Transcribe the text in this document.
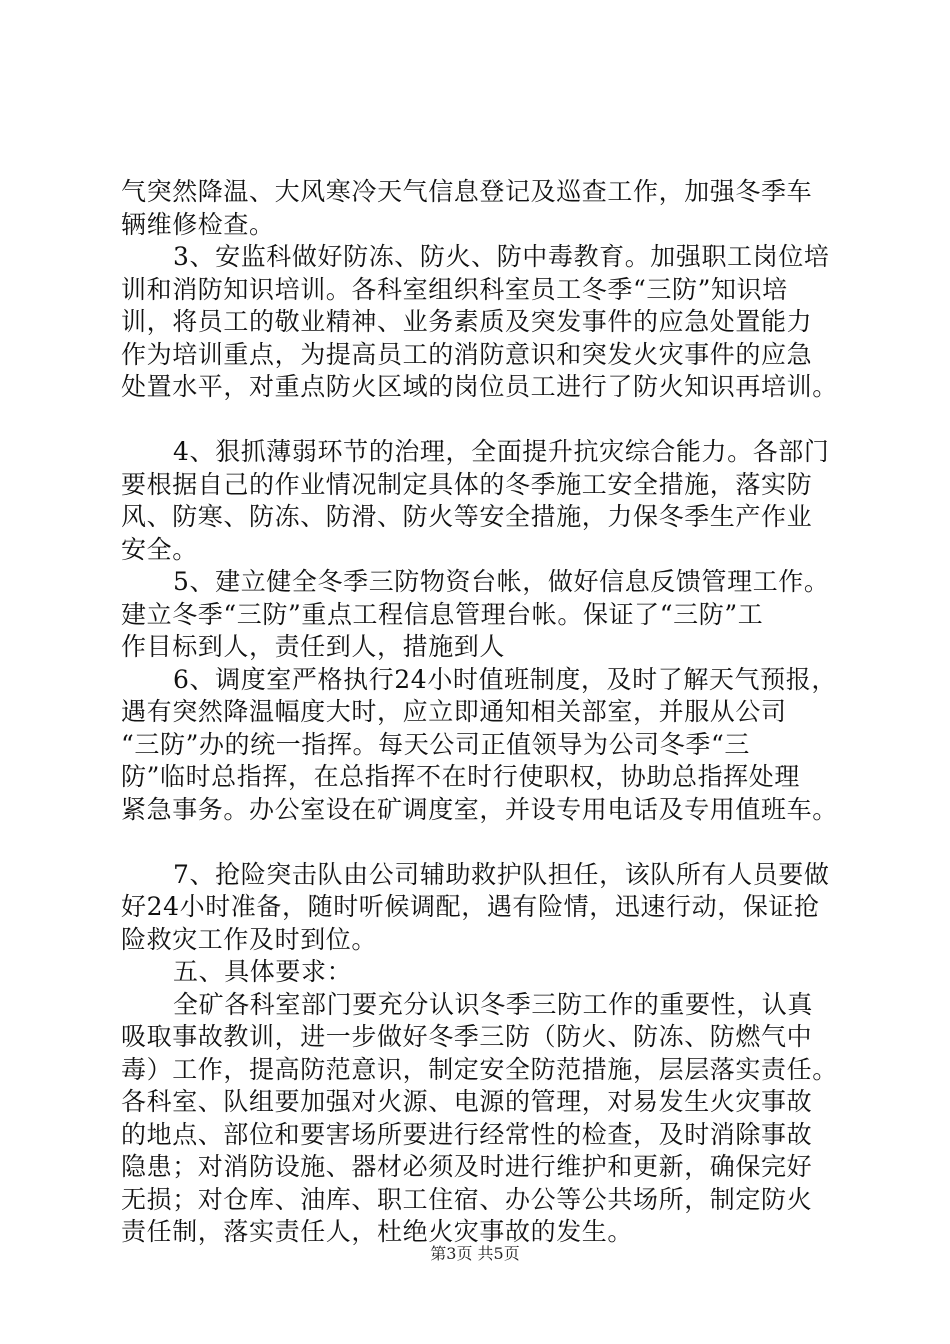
气突然降温、大风寒冷天气信息登记及巡查工作，加强冬季车
辆维修检查。
3、安监科做好防冻、防火、防中毒教育。加强职工岗位培
训和消防知识培训。各科室组织科室员工冬季“三防”知识培
训，将员工的敬业精神、业务素质及突发事件的应急处置能力
作为培训重点，为提高员工的消防意识和突发火灾事件的应急
处置水平，对重点防火区域的岗位员工进行了防火知识再培训。
4、狠抓薄弱环节的治理，全面提升抗灾综合能力。各部门
要根据自己的作业情况制定具体的冬季施工安全措施，落实防
风、防寒、防冻、防滑、防火等安全措施，力保冬季生产作业
安全。
5、建立健全冬季三防物资台帐，做好信息反馈管理工作。
建立冬季“三防”重点工程信息管理台帐。保证了“三防”工
作目标到人，责任到人，措施到人
6、调度室严格执行24小时值班制度，及时了解天气预报，
遇有突然降温幅度大时，应立即通知相关部室，并服从公司
“三防”办的统一指挥。每天公司正值领导为公司冬季“三
防”临时总指挥，在总指挥不在时行使职权，协助总指挥处理
紧急事务。办公室设在矿调度室，并设专用电话及专用值班车。
7、抢险突击队由公司辅助救护队担任，该队所有人员要做
好24小时准备，随时听候调配，遇有险情，迅速行动，保证抢
险救灾工作及时到位。
五、具体要求：
全矿各科室部门要充分认识冬季三防工作的重要性，认真
吸取事故教训，进一步做好冬季三防（防火、防冻、防燃气中
毒）工作，提高防范意识，制定安全防范措施，层层落实责任。
各科室、队组要加强对火源、电源的管理，对易发生火灾事故
的地点、部位和要害场所要进行经常性的检查，及时消除事故
隐患；对消防设施、器材必须及时进行维护和更新，确保完好
无损；对仓库、油库、职工住宿、办公等公共场所，制定防火
责任制，落实责任人，杜绝火灾事故的发生。
第3页 共5页
